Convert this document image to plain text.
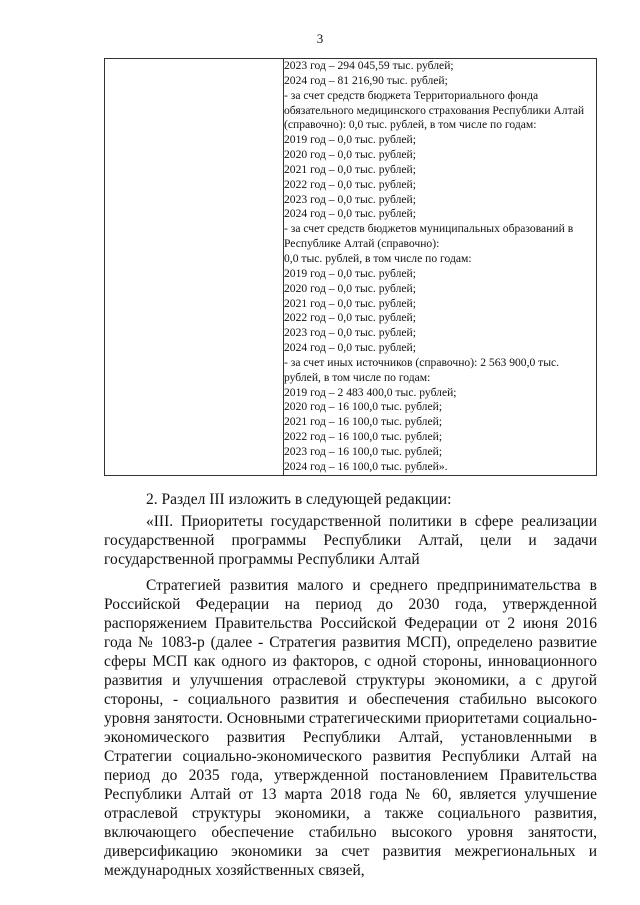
3

2023 год – 294 045,59 тыс. рублей;
2024 год – 81 216,90 тыс. рублей;
- за счет средств бюджета Территориального фонда обязательного медицинского страхования Республики Алтай (справочно): 0,0 тыс. рублей, в том числе по годам:
2019 год – 0,0 тыс. рублей;
2020 год – 0,0 тыс. рублей;
2021 год – 0,0 тыс. рублей;
2022 год – 0,0 тыс. рублей;
2023 год – 0,0 тыс. рублей;
2024 год – 0,0 тыс. рублей;
- за счет средств бюджетов муниципальных образований в Республике Алтай (справочно):
0,0 тыс. рублей, в том числе по годам:
2019 год – 0,0 тыс. рублей;
2020 год – 0,0 тыс. рублей;
2021 год – 0,0 тыс. рублей;
2022 год – 0,0 тыс. рублей;
2023 год – 0,0 тыс. рублей;
2024 год – 0,0 тыс. рублей;
- за счет иных источников (справочно): 2 563 900,0 тыс. рублей, в том числе по годам:
2019 год – 2 483 400,0 тыс. рублей;
2020 год – 16 100,0 тыс. рублей;
2021 год – 16 100,0 тыс. рублей;
2022 год – 16 100,0 тыс. рублей;
2023 год – 16 100,0 тыс. рублей;
2024 год – 16 100,0 тыс. рублей».
2. Раздел III изложить в следующей редакции:
«III. Приоритеты государственной политики в сфере реализации государственной программы Республики Алтай, цели и задачи государственной программы Республики Алтай
Стратегией развития малого и среднего предпринимательства в Российской Федерации на период до 2030 года, утвержденной распоряжением Правительства Российской Федерации от 2 июня 2016 года № 1083-р (далее - Стратегия развития МСП), определено развитие сферы МСП как одного из факторов, с одной стороны, инновационного развития и улучшения отраслевой структуры экономики, а с другой стороны, - социального развития и обеспечения стабильно высокого уровня занятости. Основными стратегическими приоритетами социально-экономического развития Республики Алтай, установленными в Стратегии социально-экономического развития Республики Алтай на период до 2035 года, утвержденной постановлением Правительства Республики Алтай от 13 марта 2018 года № 60, является улучшение отраслевой структуры экономики, а также социального развития, включающего обеспечение стабильно высокого уровня занятости, диверсификацию экономики за счет развития межрегиональных и международных хозяйственных связей,
